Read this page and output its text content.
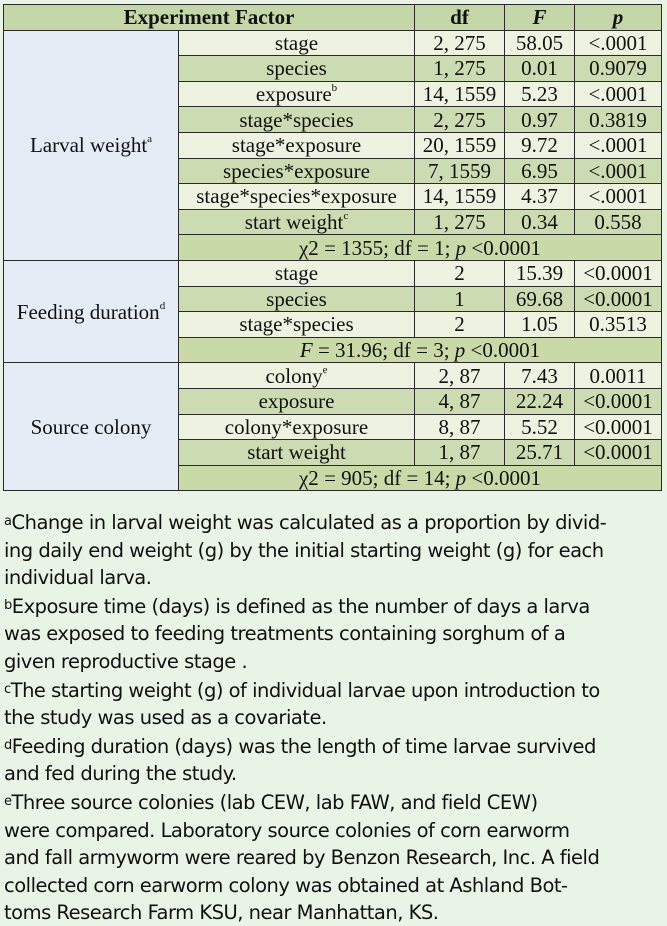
Experiment Factor		df	F	p
Larval weight$^a$	stage	2, 275	58.05	<.0001
	species	1, 275	0.01	0.9079
	exposure$^b$	14, 1559	5.23	<.0001
	stage*species	2, 275	0.97	0.3819
	stage*exposure	20, 1559	9.72	<.0001
	species*exposure	7, 1559	6.95	<.0001
	stage*species*exposure	14, 1559	4.37	<.0001
	start weight$^c$	1, 275	0.34	0.558
	χ2 = 1355; df = 1; p <0.0001			
Feeding duration$^d$	stage	2	15.39	<0.0001
	species	1	69.68	<0.0001
	stage*species	2	1.05	0.3513
	F = 31.96; df = 3; p <0.0001			
Source colony	colony$^e$	2, 87	7.43	0.0011
	exposure	4, 87	22.24	<0.0001
	colony*exposure	8, 87	5.52	<0.0001
	start weight	1, 87	25.71	<0.0001
	χ2 = 905; df = 14; p <0.0001			
$^a$Change in larval weight was calculated as a proportion by divid-
ing daily end weight (g) by the initial starting weight (g) for each
individual larva.
$^b$Exposure time (days) is defined as the number of days a larva
was exposed to feeding treatments containing sorghum of a
given reproductive stage .
$^c$The starting weight (g) of individual larvae upon introduction to
the study was used as a covariate.
$^d$Feeding duration (days) was the length of time larvae survived
and fed during the study.
$^e$Three source colonies (lab CEW, lab FAW, and field CEW)
were compared. Laboratory source colonies of corn earworm
and fall armyworm were reared by Benzon Research, Inc. A field
collected corn earworm colony was obtained at Ashland Bot-
toms Research Farm KSU, near Manhattan, KS.
